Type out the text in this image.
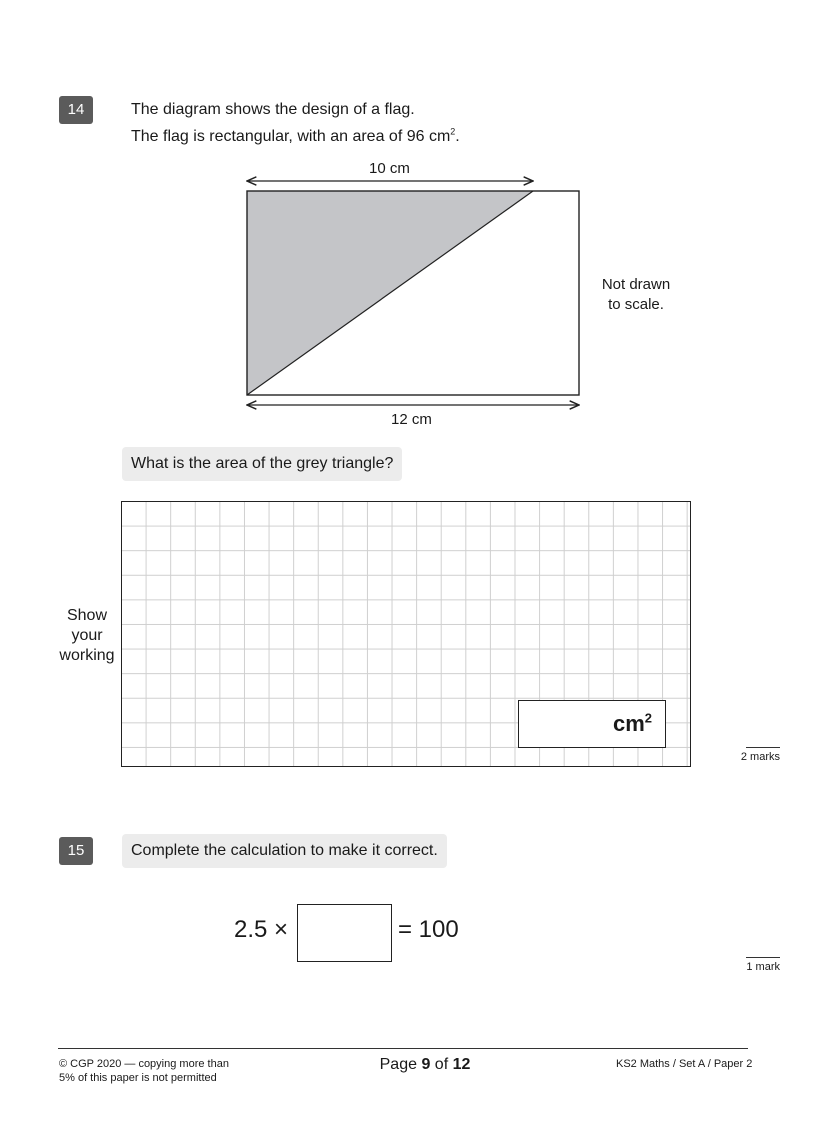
14	The diagram shows the design of a flag.
The flag is rectangular, with an area of 96 $cm^2$.
10 cm
12 cm
Not drawn
to scale.
What is the area of the grey triangle?
Show
your
working
$cm^2$
2 marks
15	Complete the calculation to make it correct.
2.5 ×	= 100
1 mark
© CGP 2020 — copying more than
5% of this paper is not permitted
Page 9 of 12	KS2 Maths / Set A / Paper 2
